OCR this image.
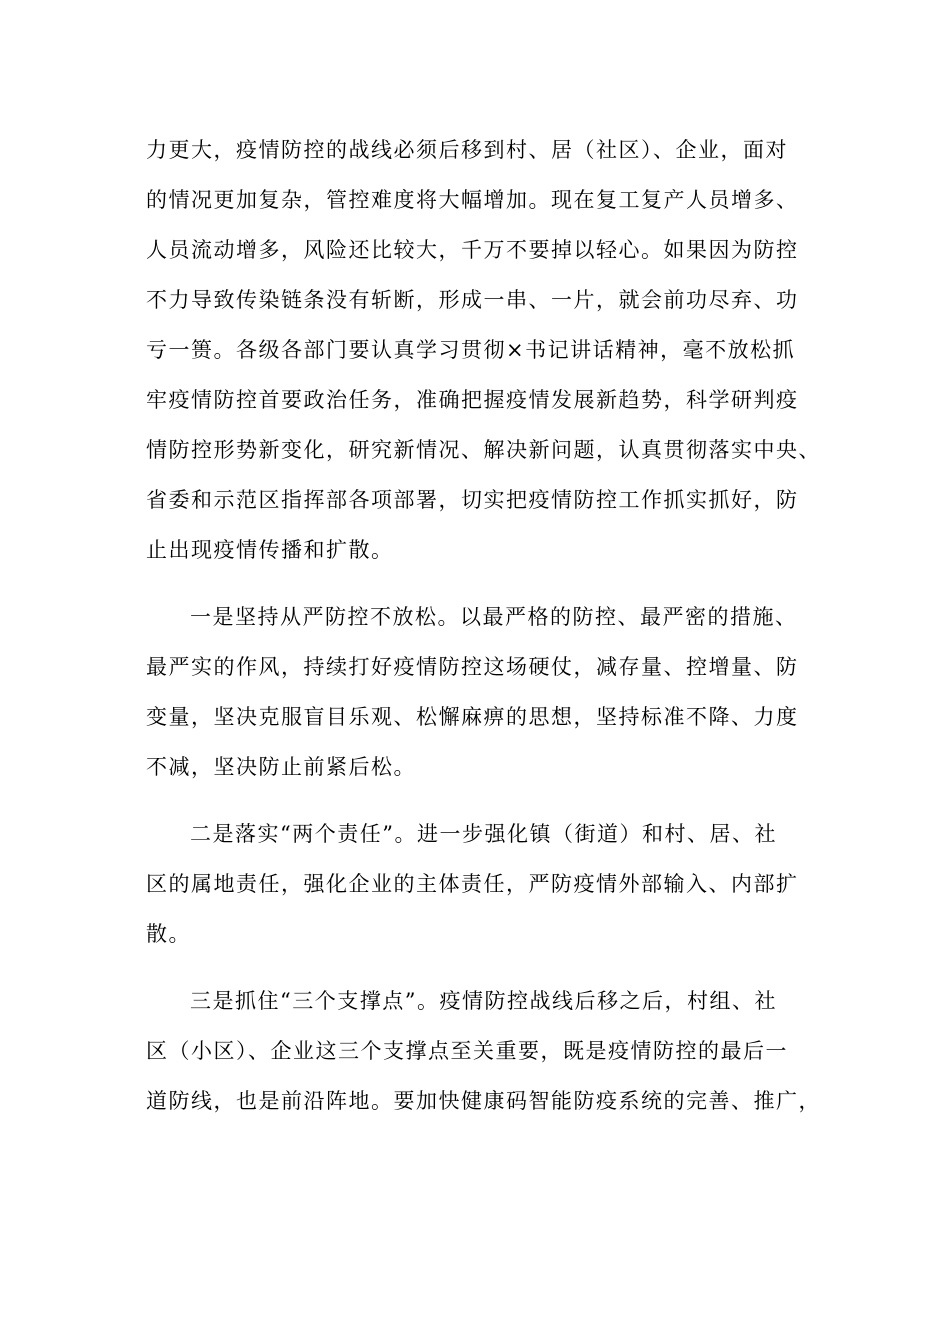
力更大，疫情防控的战线必须后移到村、居（社区）、企业，面对
的情况更加复杂，管控难度将大幅增加。现在复工复产人员增多、
人员流动增多，风险还比较大，千万不要掉以轻心。如果因为防控
不力导致传染链条没有斩断，形成一串、一片，就会前功尽弃、功
亏一篑。各级各部门要认真学习贯彻×书记讲话精神，毫不放松抓
牢疫情防控首要政治任务，准确把握疫情发展新趋势，科学研判疫
情防控形势新变化，研究新情况、解决新问题，认真贯彻落实中央、
省委和示范区指挥部各项部署，切实把疫情防控工作抓实抓好，防
止出现疫情传播和扩散。
一是坚持从严防控不放松。以最严格的防控、最严密的措施、
最严实的作风，持续打好疫情防控这场硬仗，减存量、控增量、防
变量，坚决克服盲目乐观、松懈麻痹的思想，坚持标准不降、力度
不减，坚决防止前紧后松。
二是落实“两个责任”。进一步强化镇（街道）和村、居、社
区的属地责任，强化企业的主体责任，严防疫情外部输入、内部扩
散。
三是抓住“三个支撑点”。疫情防控战线后移之后，村组、社
区（小区）、企业这三个支撑点至关重要，既是疫情防控的最后一
道防线，也是前沿阵地。要加快健康码智能防疫系统的完善、推广，
